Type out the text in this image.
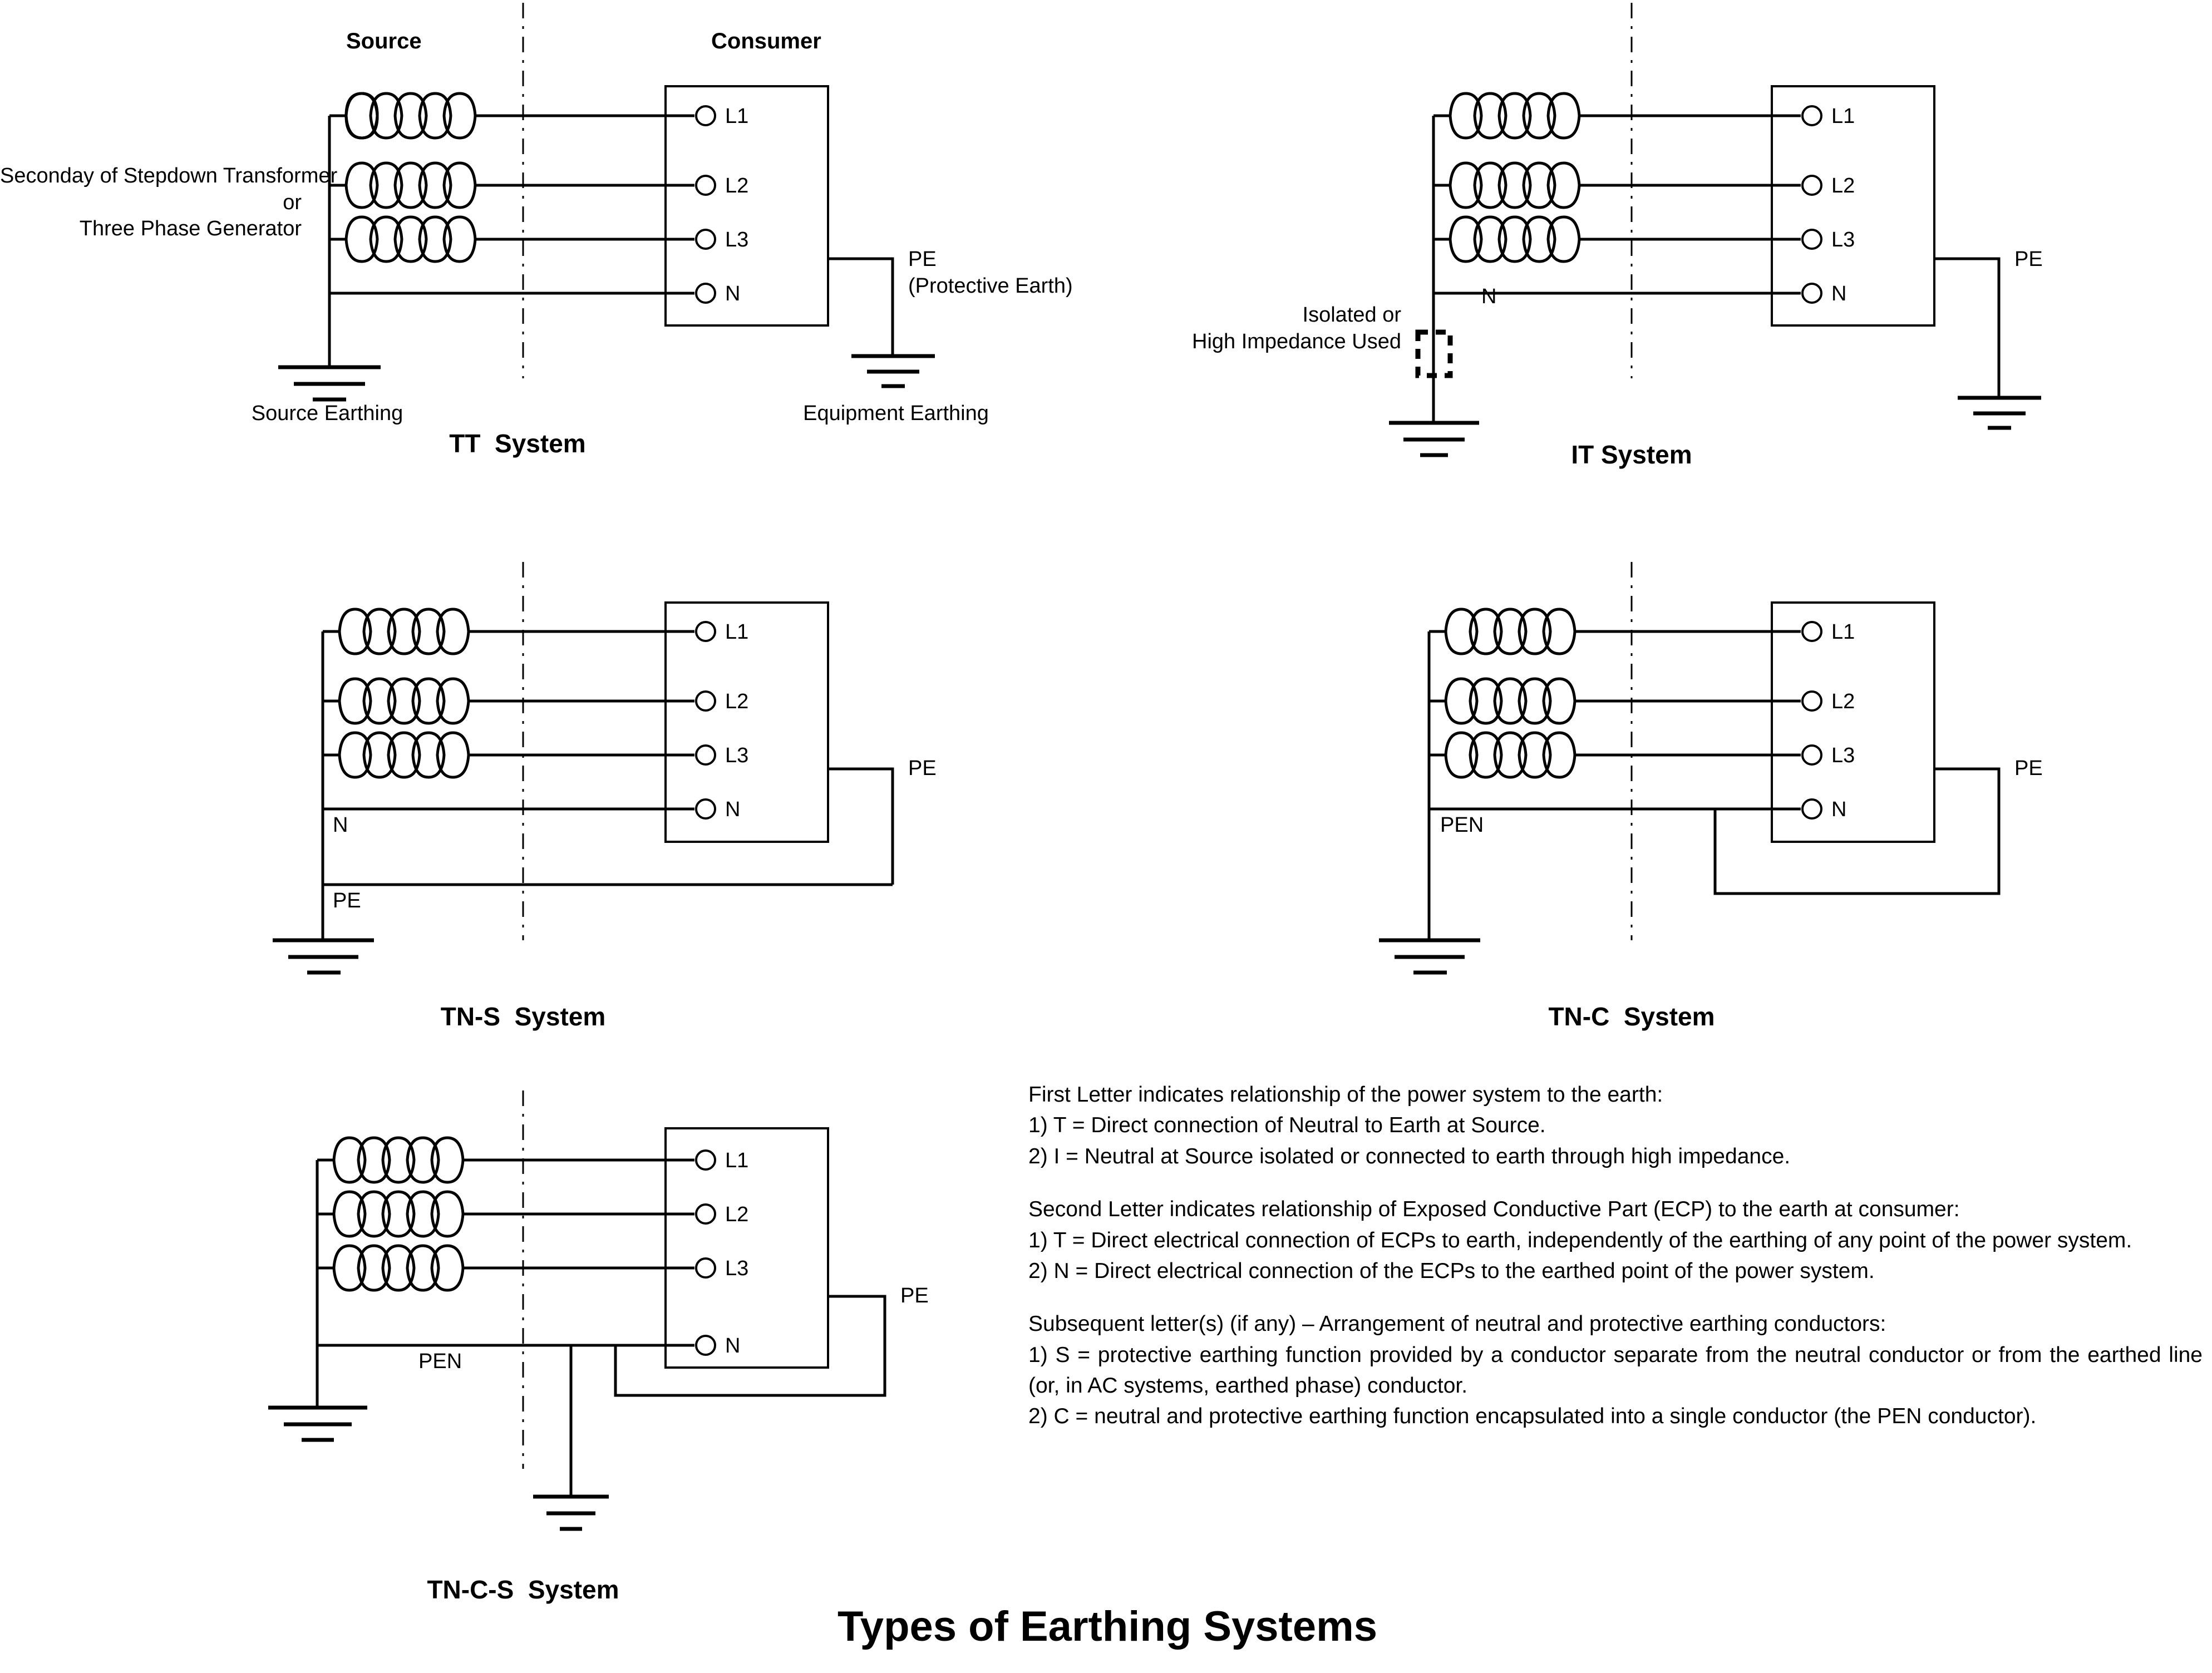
Source	Consumer
Seconday of Stepdown Transformer
or
Three Phase Generator
L1
L2
L3
N
PE
(Protective Earth)
Source Earthing	Equipment Earthing
TT  System
L1
L2
L3
N
PE
N
Isolated or
High Impedance Used
IT System
L1
L2
L3
N
PE
N
PE
TN-S  System
L1
L2
L3
N
PE
PEN
TN-C  System
L1
L2
L3
N
PE
PEN
TN-C-S  System

First Letter indicates relationship of the power system to the earth:

1) T = Direct connection of Neutral to Earth at Source.

2) I = Neutral at Source isolated or connected to earth through high impedance.

Second Letter indicates relationship of Exposed Conductive Part (ECP) to the earth at consumer:

1) T = Direct electrical connection of ECPs to earth, independently of the earthing of any point of the power system.

2) N = Direct electrical connection of the ECPs to the earthed point of the power system.

Subsequent letter(s) (if any) – Arrangement of neutral and protective earthing conductors:

1) S = protective earthing function provided by a conductor separate from the neutral conductor or from the earthed line (or, in AC systems, earthed phase) conductor.

2) C = neutral and protective earthing function encapsulated into a single conductor (the PEN conductor).

Types of Earthing Systems
